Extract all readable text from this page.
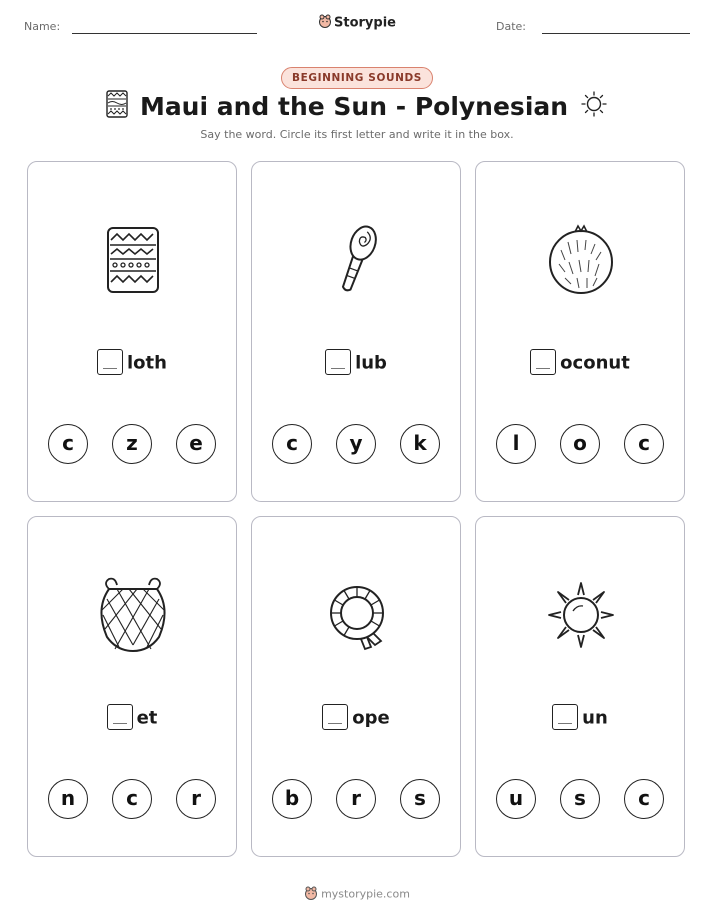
Name:	Storypie	Date:
BEGINNING SOUNDS
Maui and the Sun - Polynesian
Say the word. Circle its first letter and write it in the box.
loth
c	z	e
lub
c	y	k
oconut
l	o	c
et
n	c	r
ope
b	r	s
un
u	s	c
mystorypie.com
